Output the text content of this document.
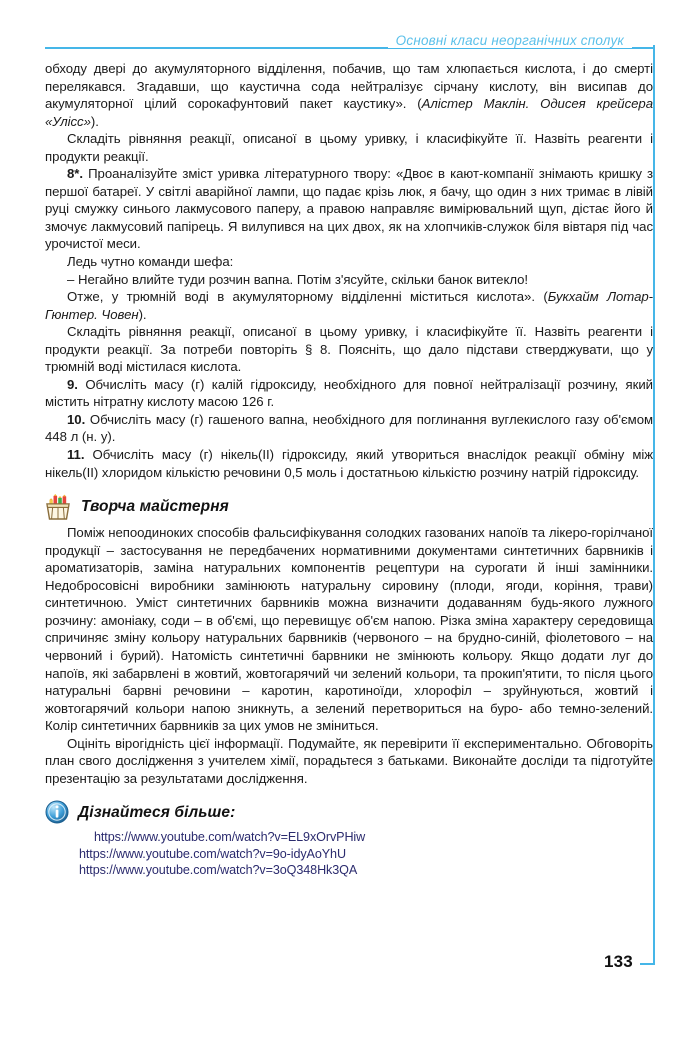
Основні класи неорганічних сполук

обходу двері до акумуляторного відділення, побачив, що там хлюпається кислота, і до смерті перелякався. Згадавши, що каустична сода нейтралізує сірчану кислоту, він висипав до акумуляторної цілий сорокафунтовий пакет каустику». (Алістер Маклін. Одисея крейсера «Улісс»).

Складіть рівняння реакції, описаної в цьому уривку, і класифікуйте її. Назвіть реагенти і продукти реакції.

8*. Проаналізуйте зміст уривка літературного твору: «Двоє в кают-компанії знімають кришку з першої батареї. У світлі аварійної лампи, що падає крізь люк, я бачу, що один з них тримає в лівій руці смужку синього лакмусового паперу, а правою направляє вимірювальний щуп, дістає його й змочує лакмусовий папірець. Я вилупився на цих двох, як на хлопчиків-служок біля вівтаря під час урочистої меси.

Ледь чутно команди шефа:

– Негайно влийте туди розчин вапна. Потім з'ясуйте, скільки банок витекло!

Отже, у трюмній воді в акумуляторному відділенні міститься кислота». (Букхайм Лотар-Гюнтер. Човен).

Складіть рівняння реакції, описаної в цьому уривку, і класифікуйте її. Назвіть реагенти і продукти реакції. За потреби повторіть § 8. Поясніть, що дало підстави стверджувати, що у трюмній воді містилася кислота.

9. Обчисліть масу (г) калій гідроксиду, необхідного для повної нейтралізації розчину, який містить нітратну кислоту масою 126 г.

10. Обчисліть масу (г) гашеного вапна, необхідного для поглинання вуглекислого газу об'ємом 448 л (н. у).

11. Обчисліть масу (г) нікель(II) гідроксиду, який утвориться внаслідок реакції обміну між нікель(II) хлоридом кількістю речовини 0,5 моль і достатньою кількістю розчину натрій гідроксиду.

Творча майстерня

Поміж непоодиноких способів фальсифікування солодких газованих напоїв та лікеро-горілчаної продукції – застосування не передбачених нормативними документами синтетичних барвників і ароматизаторів, заміна натуральних компонентів рецептури на сурогати й інші замінники. Недобросовісні виробники замінюють натуральну сировину (плоди, ягоди, коріння, трави) синтетичною. Уміст синтетичних барвників можна визначити додаванням будь-якого лужного розчину: амоніаку, соди – в об'ємі, що перевищує об'єм напою. Різка зміна характеру середовища спричиняє зміну кольору натуральних барвників (червоного – на брудно-синій, фіолетового – на червоний і бурий). Натомість синтетичні барвники не змінюють кольору. Якщо додати луг до напоїв, які забарвлені в жовтий, жовтогарячий чи зелений кольори, та прокип'ятити, то після цього натуральні барвні речовини – каротин, каротиноїди, хлорофіл – зруйнуються, жовтий і жовтогарячий кольори напою зникнуть, а зелений перетвориться на буро- або темно-зелений. Колір синтетичних барвників за цих умов не зміниться.

Оцініть вірогідність цієї інформації. Подумайте, як перевірити її експериментально. Обговоріть план свого дослідження з учителем хімії, порадьтеся з батьками. Виконайте досліди та підготуйте презентацію за результатами дослідження.

Дізнайтеся більше:
https://www.youtube.com/watch?v=EL9xOrvPHiw
https://www.youtube.com/watch?v=9o-idyAoYhU
https://www.youtube.com/watch?v=3oQ348Hk3QA
133
